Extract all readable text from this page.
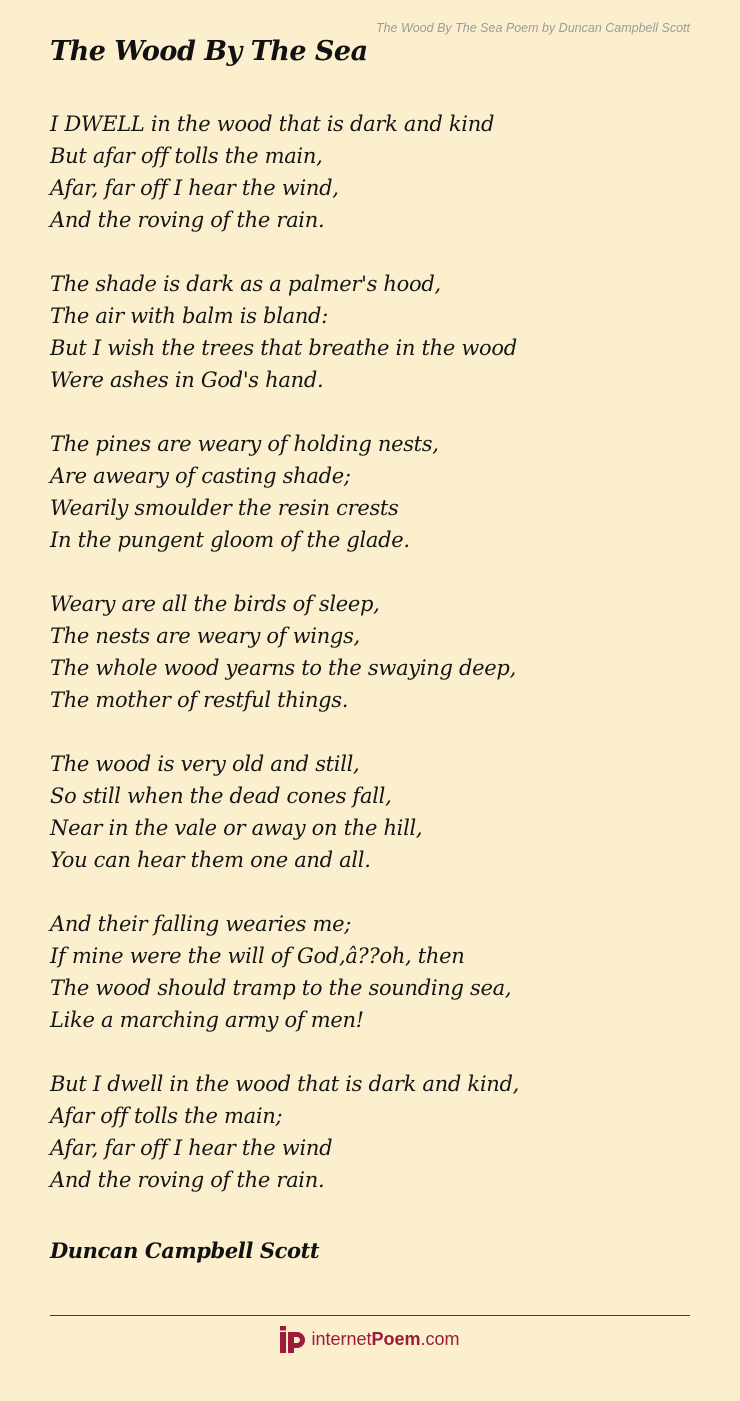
The Wood By The Sea Poem by Duncan Campbell Scott
The Wood By The Sea
I DWELL in the wood that is dark and kind
But afar off tolls the main,
Afar, far off I hear the wind,
And the roving of the rain.
The shade is dark as a palmer's hood,
The air with balm is bland:
But I wish the trees that breathe in the wood
Were ashes in God's hand.
The pines are weary of holding nests,
Are aweary of casting shade;
Wearily smoulder the resin crests
In the pungent gloom of the glade.
Weary are all the birds of sleep,
The nests are weary of wings,
The whole wood yearns to the swaying deep,
The mother of restful things.
The wood is very old and still,
So still when the dead cones fall,
Near in the vale or away on the hill,
You can hear them one and all.
And their falling wearies me;
If mine were the will of God,â??oh, then
The wood should tramp to the sounding sea,
Like a marching army of men!
But I dwell in the wood that is dark and kind,
Afar off tolls the main;
Afar, far off I hear the wind
And the roving of the rain.
Duncan Campbell Scott
internetPoem.com
